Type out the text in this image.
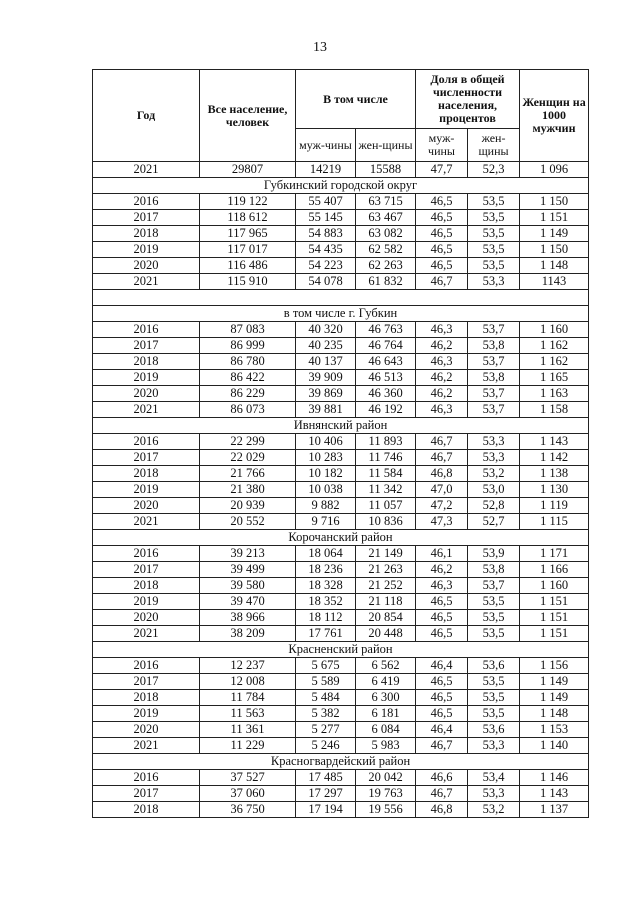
13
Год	Все население, человек	В том числе		Доля в общей численности населения, процентов		Женщин на 1000 мужчин
		муж-чины	жен-щины	муж-чины	жен-щины	
2021	29807	14219	15588	47,7	52,3	1 096
Губкинский городской округ						
2016	119 122	55 407	63 715	46,5	53,5	1 150
2017	118 612	55 145	63 467	46,5	53,5	1 151
2018	117 965	54 883	63 082	46,5	53,5	1 149
2019	117 017	54 435	62 582	46,5	53,5	1 150
2020	116 486	54 223	62 263	46,5	53,5	1 148
2021	115 910	54 078	61 832	46,7	53,3	1143

в том числе г. Губкин						
2016	87 083	40 320	46 763	46,3	53,7	1 160
2017	86 999	40 235	46 764	46,2	53,8	1 162
2018	86 780	40 137	46 643	46,3	53,7	1 162
2019	86 422	39 909	46 513	46,2	53,8	1 165
2020	86 229	39 869	46 360	46,2	53,7	1 163
2021	86 073	39 881	46 192	46,3	53,7	1 158
Ивнянский район						
2016	22 299	10 406	11 893	46,7	53,3	1 143
2017	22 029	10 283	11 746	46,7	53,3	1 142
2018	21 766	10 182	11 584	46,8	53,2	1 138
2019	21 380	10 038	11 342	47,0	53,0	1 130
2020	20 939	9 882	11 057	47,2	52,8	1 119
2021	20 552	9 716	10 836	47,3	52,7	1 115
Корочанский район						
2016	39 213	18 064	21 149	46,1	53,9	1 171
2017	39 499	18 236	21 263	46,2	53,8	1 166
2018	39 580	18 328	21 252	46,3	53,7	1 160
2019	39 470	18 352	21 118	46,5	53,5	1 151
2020	38 966	18 112	20 854	46,5	53,5	1 151
2021	38 209	17 761	20 448	46,5	53,5	1 151
Красненский район						
2016	12 237	5 675	6 562	46,4	53,6	1 156
2017	12 008	5 589	6 419	46,5	53,5	1 149
2018	11 784	5 484	6 300	46,5	53,5	1 149
2019	11 563	5 382	6 181	46,5	53,5	1 148
2020	11 361	5 277	6 084	46,4	53,6	1 153
2021	11 229	5 246	5 983	46,7	53,3	1 140
Красногвардейский район						
2016	37 527	17 485	20 042	46,6	53,4	1 146
2017	37 060	17 297	19 763	46,7	53,3	1 143
2018	36 750	17 194	19 556	46,8	53,2	1 137
